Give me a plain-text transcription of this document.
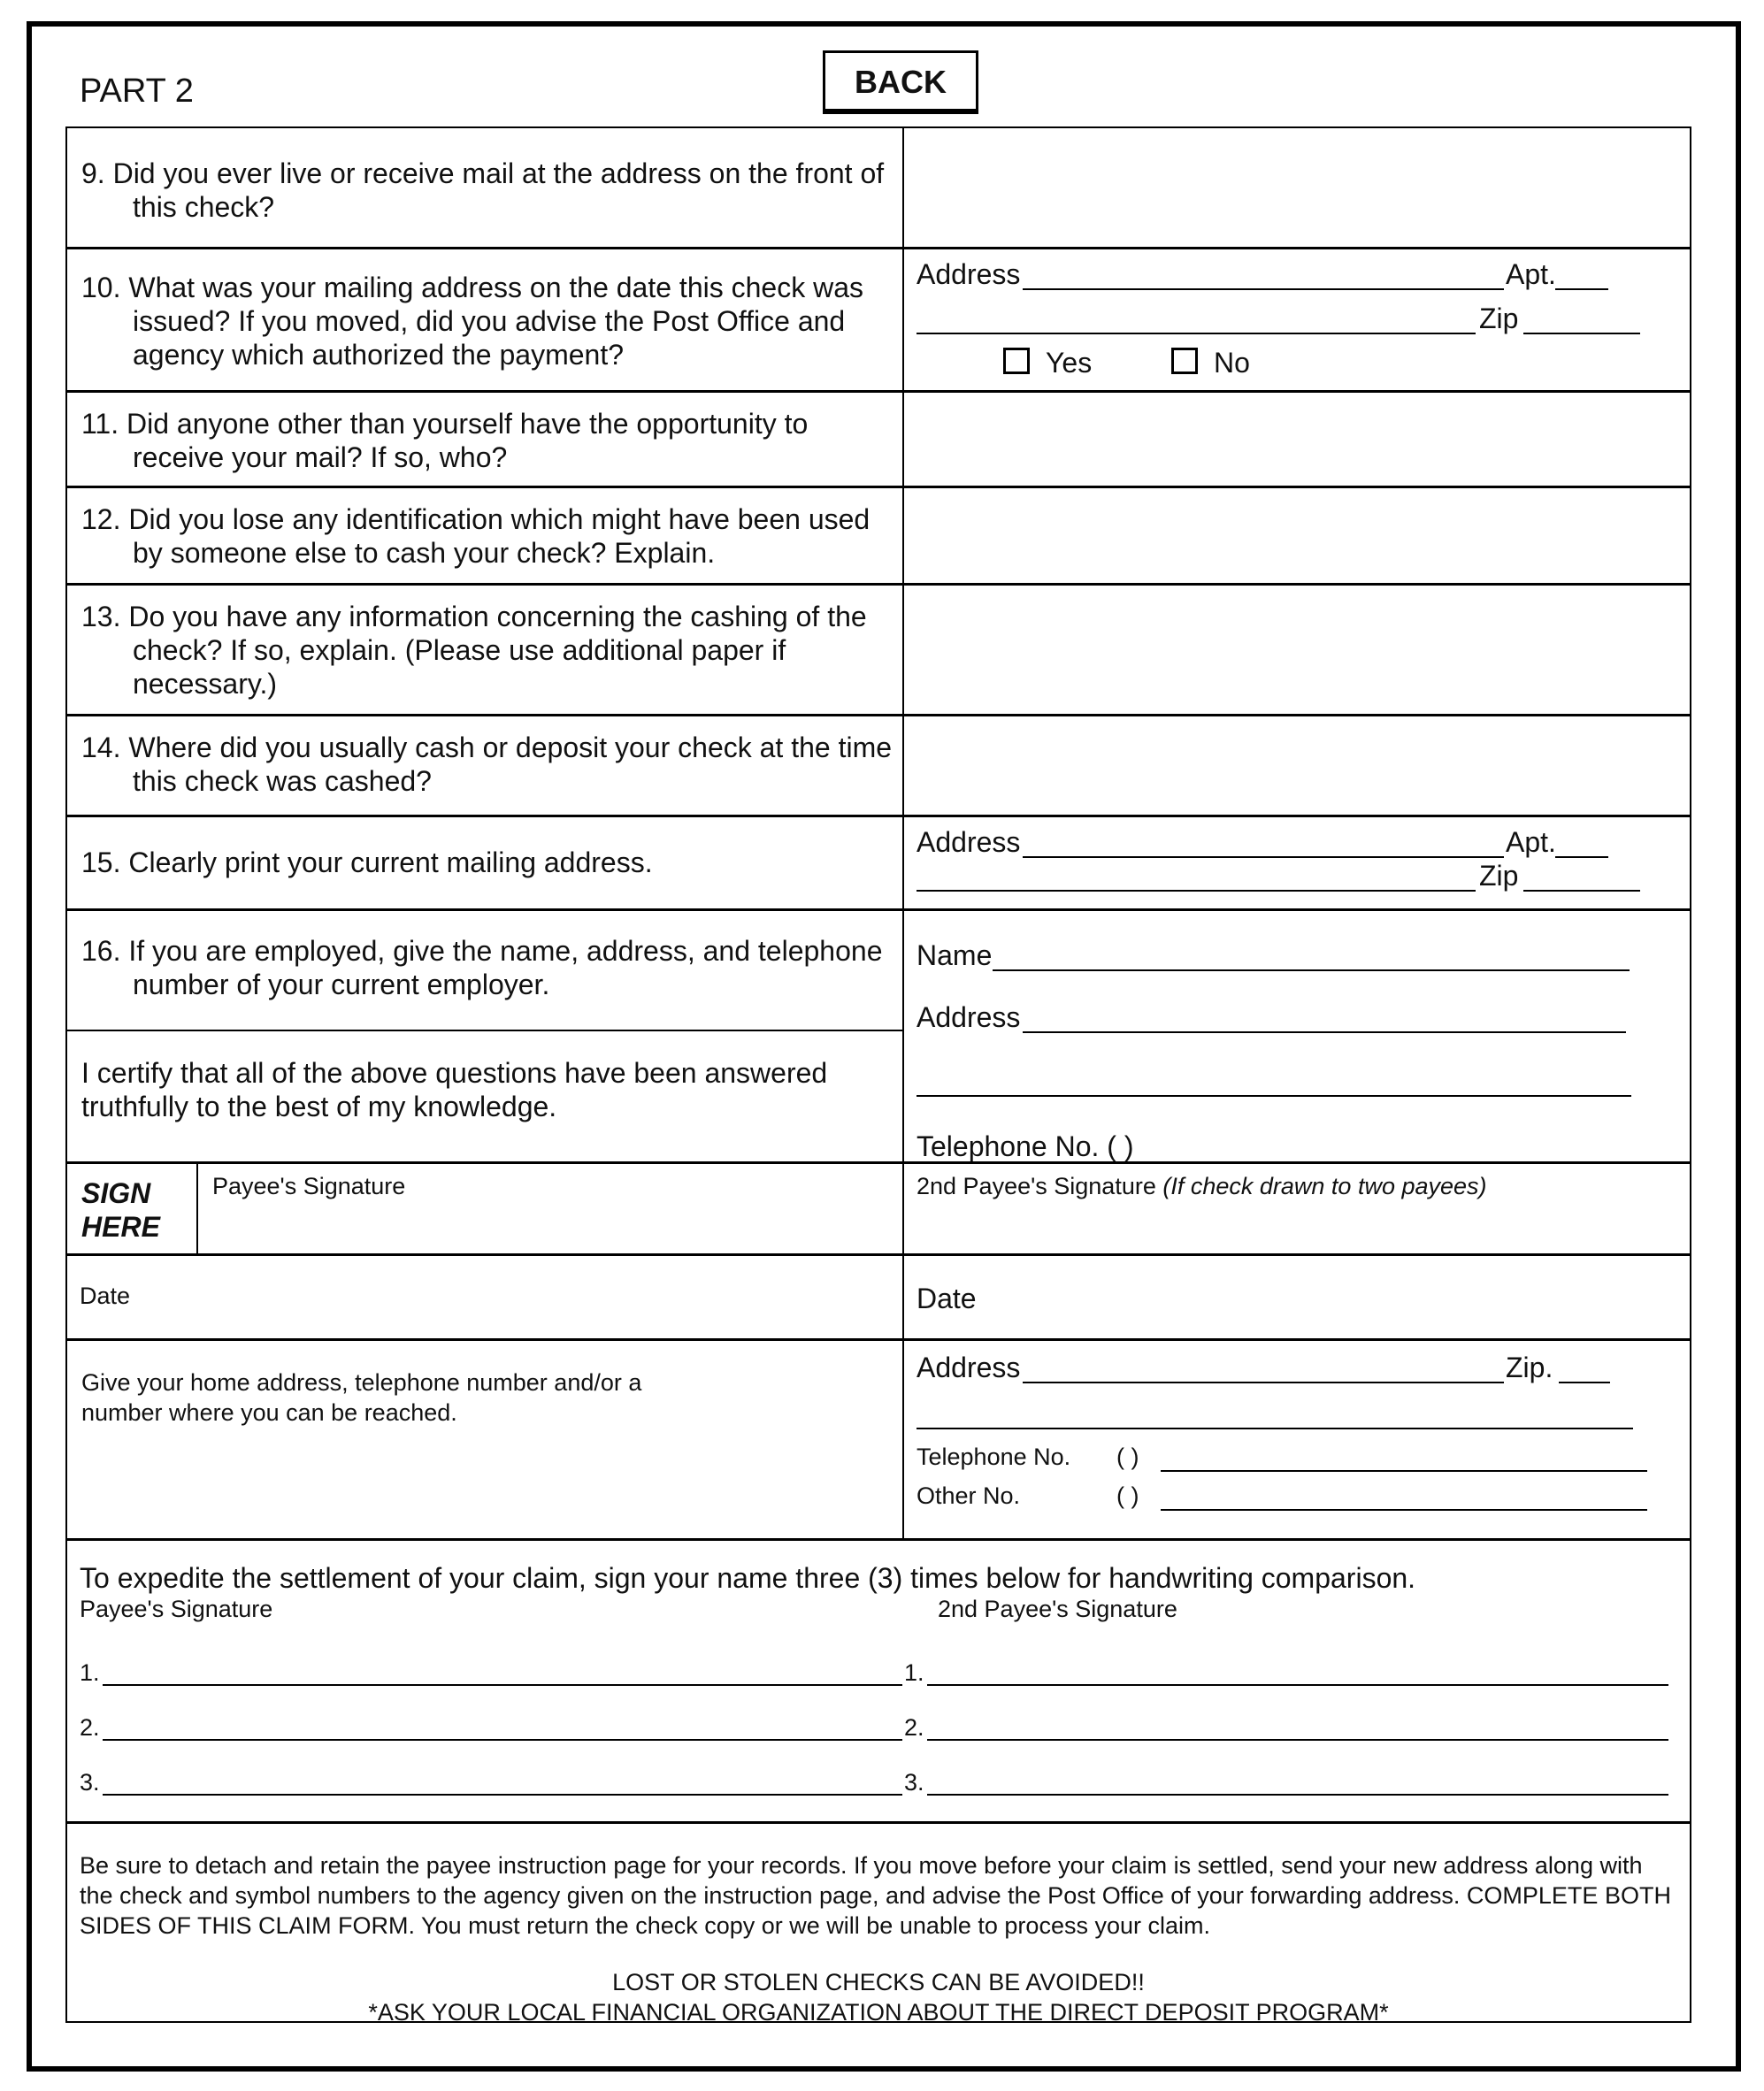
PART 2	BACK
9. Did you ever live or receive mail at the address on the front of this check?
10. What was your mailing address on the date this check was issued? If you moved, did you advise the Post Office and agency which authorized the payment?
Address	Apt.
Zip
Yes	No
11. Did anyone other than yourself have the opportunity to receive your mail? If so, who?
12. Did you lose any identification which might have been used by someone else to cash your check? Explain.
13. Do you have any information concerning the cashing of the check? If so, explain. (Please use additional paper if necessary.)
14. Where did you usually cash or deposit your check at the time this check was cashed?
15. Clearly print your current mailing address.
Address	Apt.
Zip
16. If you are employed, give the name, address, and telephone number of your current employer.
I certify that all of the above questions have been answered truthfully to the best of my knowledge.
Name
Address
Telephone No. ( )
SIGN HERE
Payee's Signature	2nd Payee's Signature (If check drawn to two payees)
Date	Date
Give your home address, telephone number and/or a number where you can be reached.
Address	Zip.
Telephone No. ( )
Other No.	( )
To expedite the settlement of your claim, sign your name three (3) times below for handwriting comparison.
Payee's Signature	2nd Payee's Signature
1.	1.
2.	2.
3.	3.
Be sure to detach and retain the payee instruction page for your records. If you move before your claim is settled, send your new address along with the check and symbol numbers to the agency given on the instruction page, and advise the Post Office of your forwarding address. COMPLETE BOTH SIDES OF THIS CLAIM FORM. You must return the check copy or we will be unable to process your claim.
LOST OR STOLEN CHECKS CAN BE AVOIDED!!
*ASK YOUR LOCAL FINANCIAL ORGANIZATION ABOUT THE DIRECT DEPOSIT PROGRAM*
